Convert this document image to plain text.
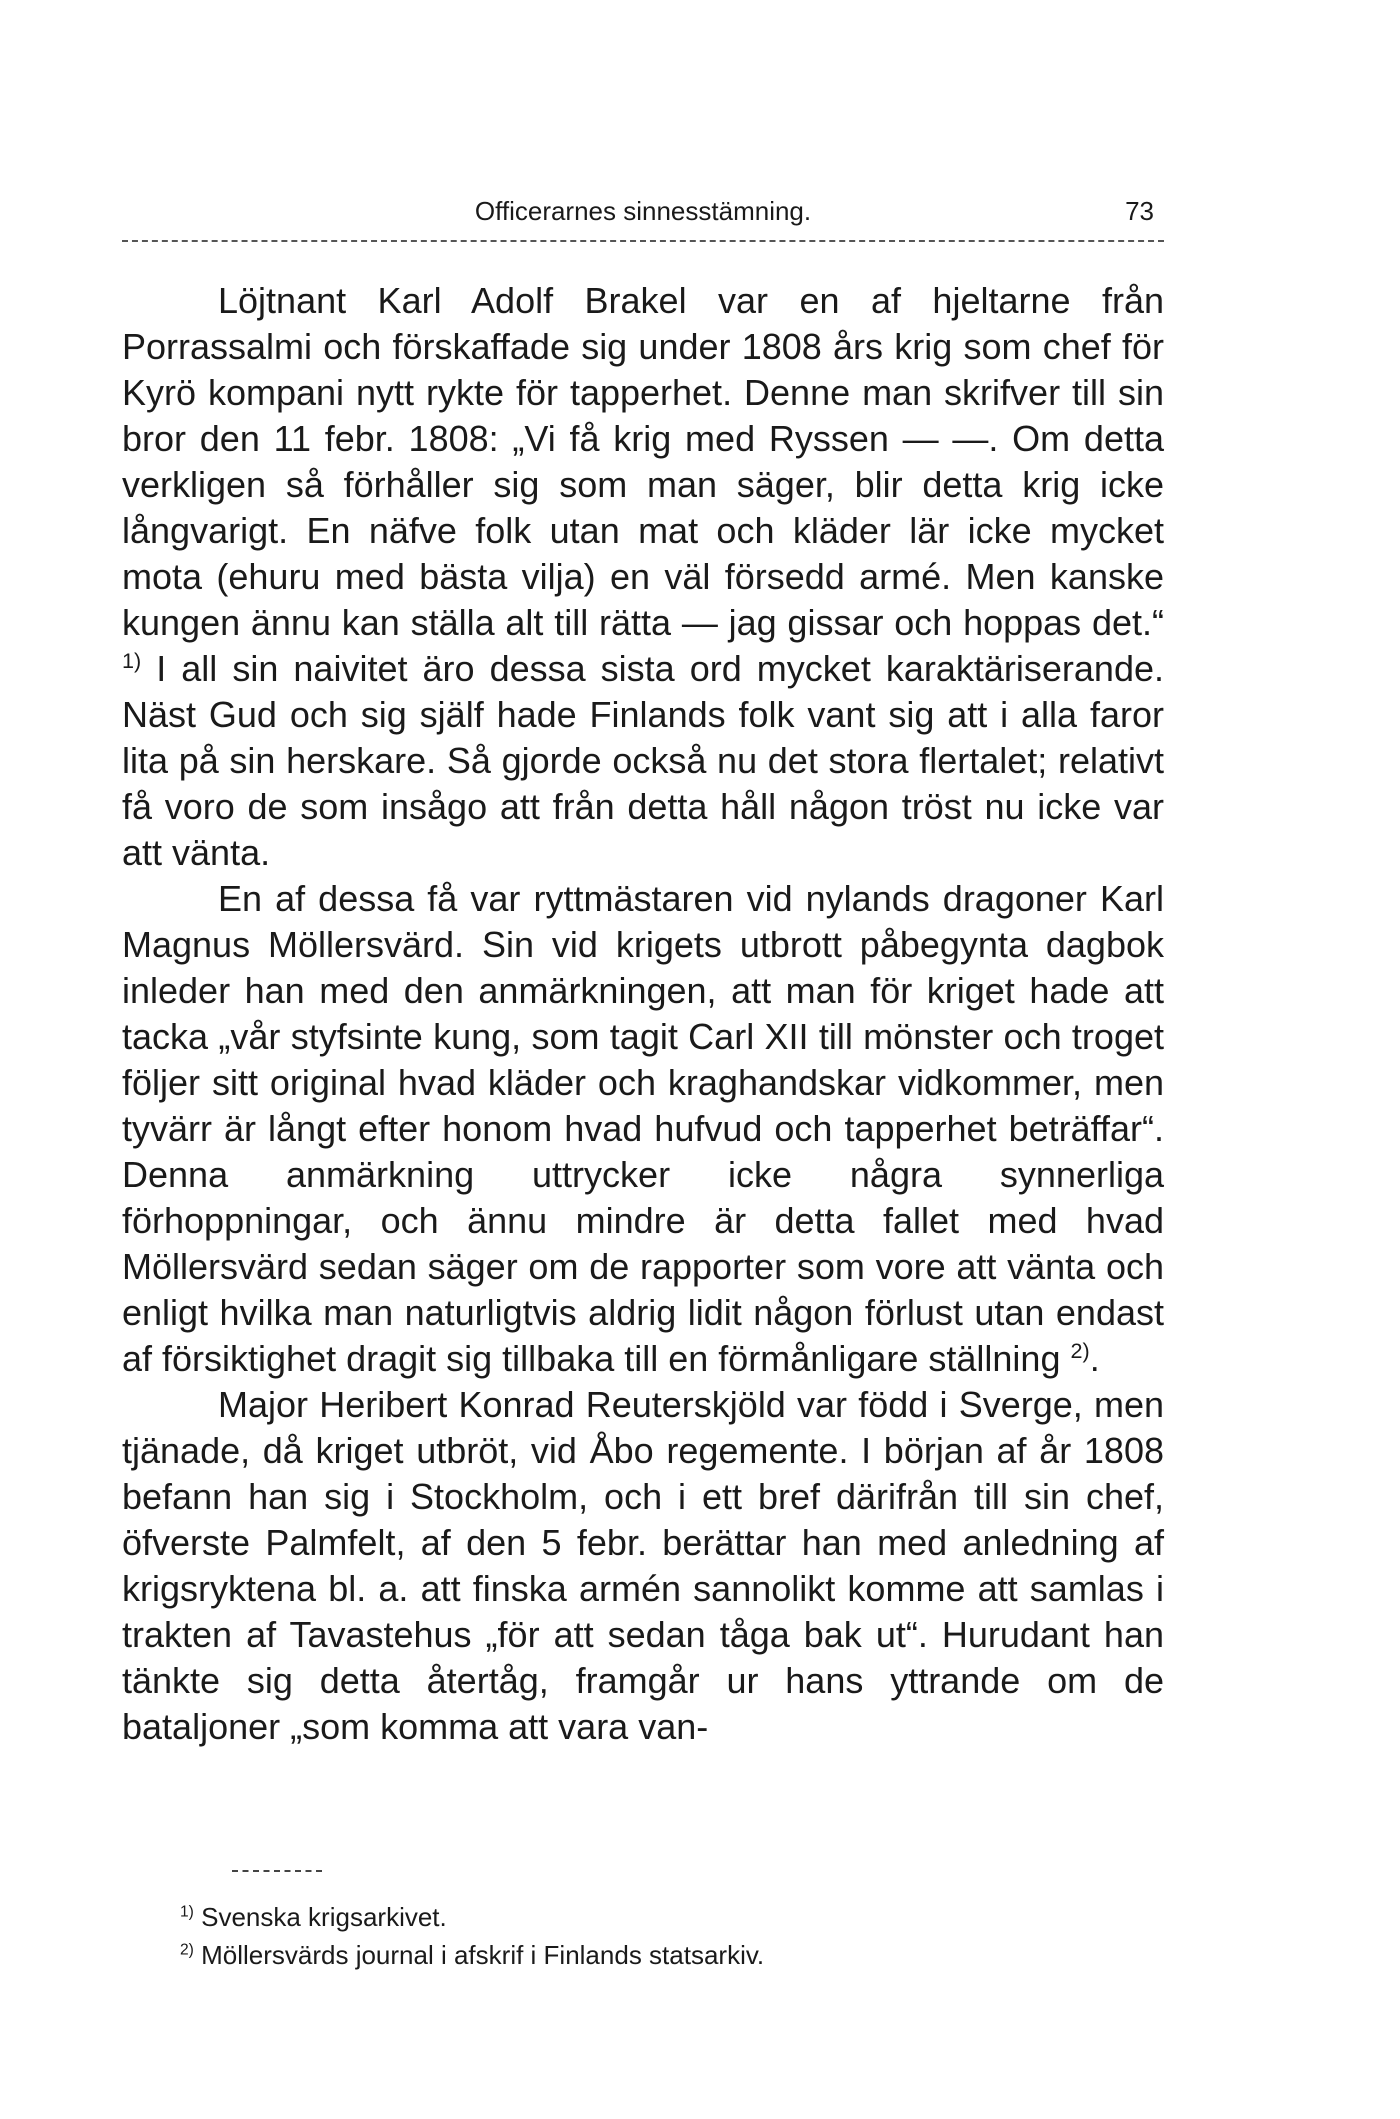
Officerarnes sinnesstämning.	73

Löjtnant Karl Adolf Brakel var en af hjeltarne från Porrassalmi och förskaffade sig under 1808 års krig som chef för Kyrö kompani nytt rykte för tapperhet. Denne man skrifver till sin bror den 11 febr. 1808: „Vi få krig med Ryssen — —. Om detta verkligen så förhåller sig som man säger, blir detta krig icke långvarigt. En näfve folk utan mat och kläder lär icke mycket mota (ehuru med bästa vilja) en väl försedd armé. Men kanske kungen ännu kan ställa alt till rätta — jag gissar och hoppas det.“ $^{1)}$ I all sin naivitet äro dessa sista ord mycket karaktäriserande. Näst Gud och sig själf hade Finlands folk vant sig att i alla faror lita på sin herskare. Så gjorde också nu det stora flertalet; relativt få voro de som insågo att från detta håll någon tröst nu icke var att vänta.

En af dessa få var ryttmästaren vid nylands dragoner Karl Magnus Möllersvärd. Sin vid krigets utbrott påbegynta dagbok inleder han med den anmärkningen, att man för kriget hade att tacka „vår styfsinte kung, som tagit Carl XII till mönster och troget följer sitt original hvad kläder och kraghandskar vidkommer, men tyvärr är långt efter honom hvad hufvud och tapperhet beträffar“. Denna anmärkning uttrycker icke några synnerliga förhoppningar, och ännu mindre är detta fallet med hvad Möllersvärd sedan säger om de rapporter som vore att vänta och enligt hvilka man naturligtvis aldrig lidit någon förlust utan endast af försiktighet dragit sig tillbaka till en förmånligare ställning $^{2)}$.

Major Heribert Konrad Reuterskjöld var född i Sverge, men tjänade, då kriget utbröt, vid Åbo regemente. I början af år 1808 befann han sig i Stockholm, och i ett bref därifrån till sin chef, öfverste Palmfelt, af den 5 febr. berättar han med anledning af krigsryktena bl. a. att finska armén sannolikt komme att samlas i trakten af Tavastehus „för att sedan tåga bak ut“. Hurudant han tänkte sig detta återtåg, framgår ur hans yttrande om de bataljoner „som komma att vara van-

$^{1)}$ Svenska krigsarkivet.
$^{2)}$ Möllersvärds journal i afskrif i Finlands statsarkiv.
